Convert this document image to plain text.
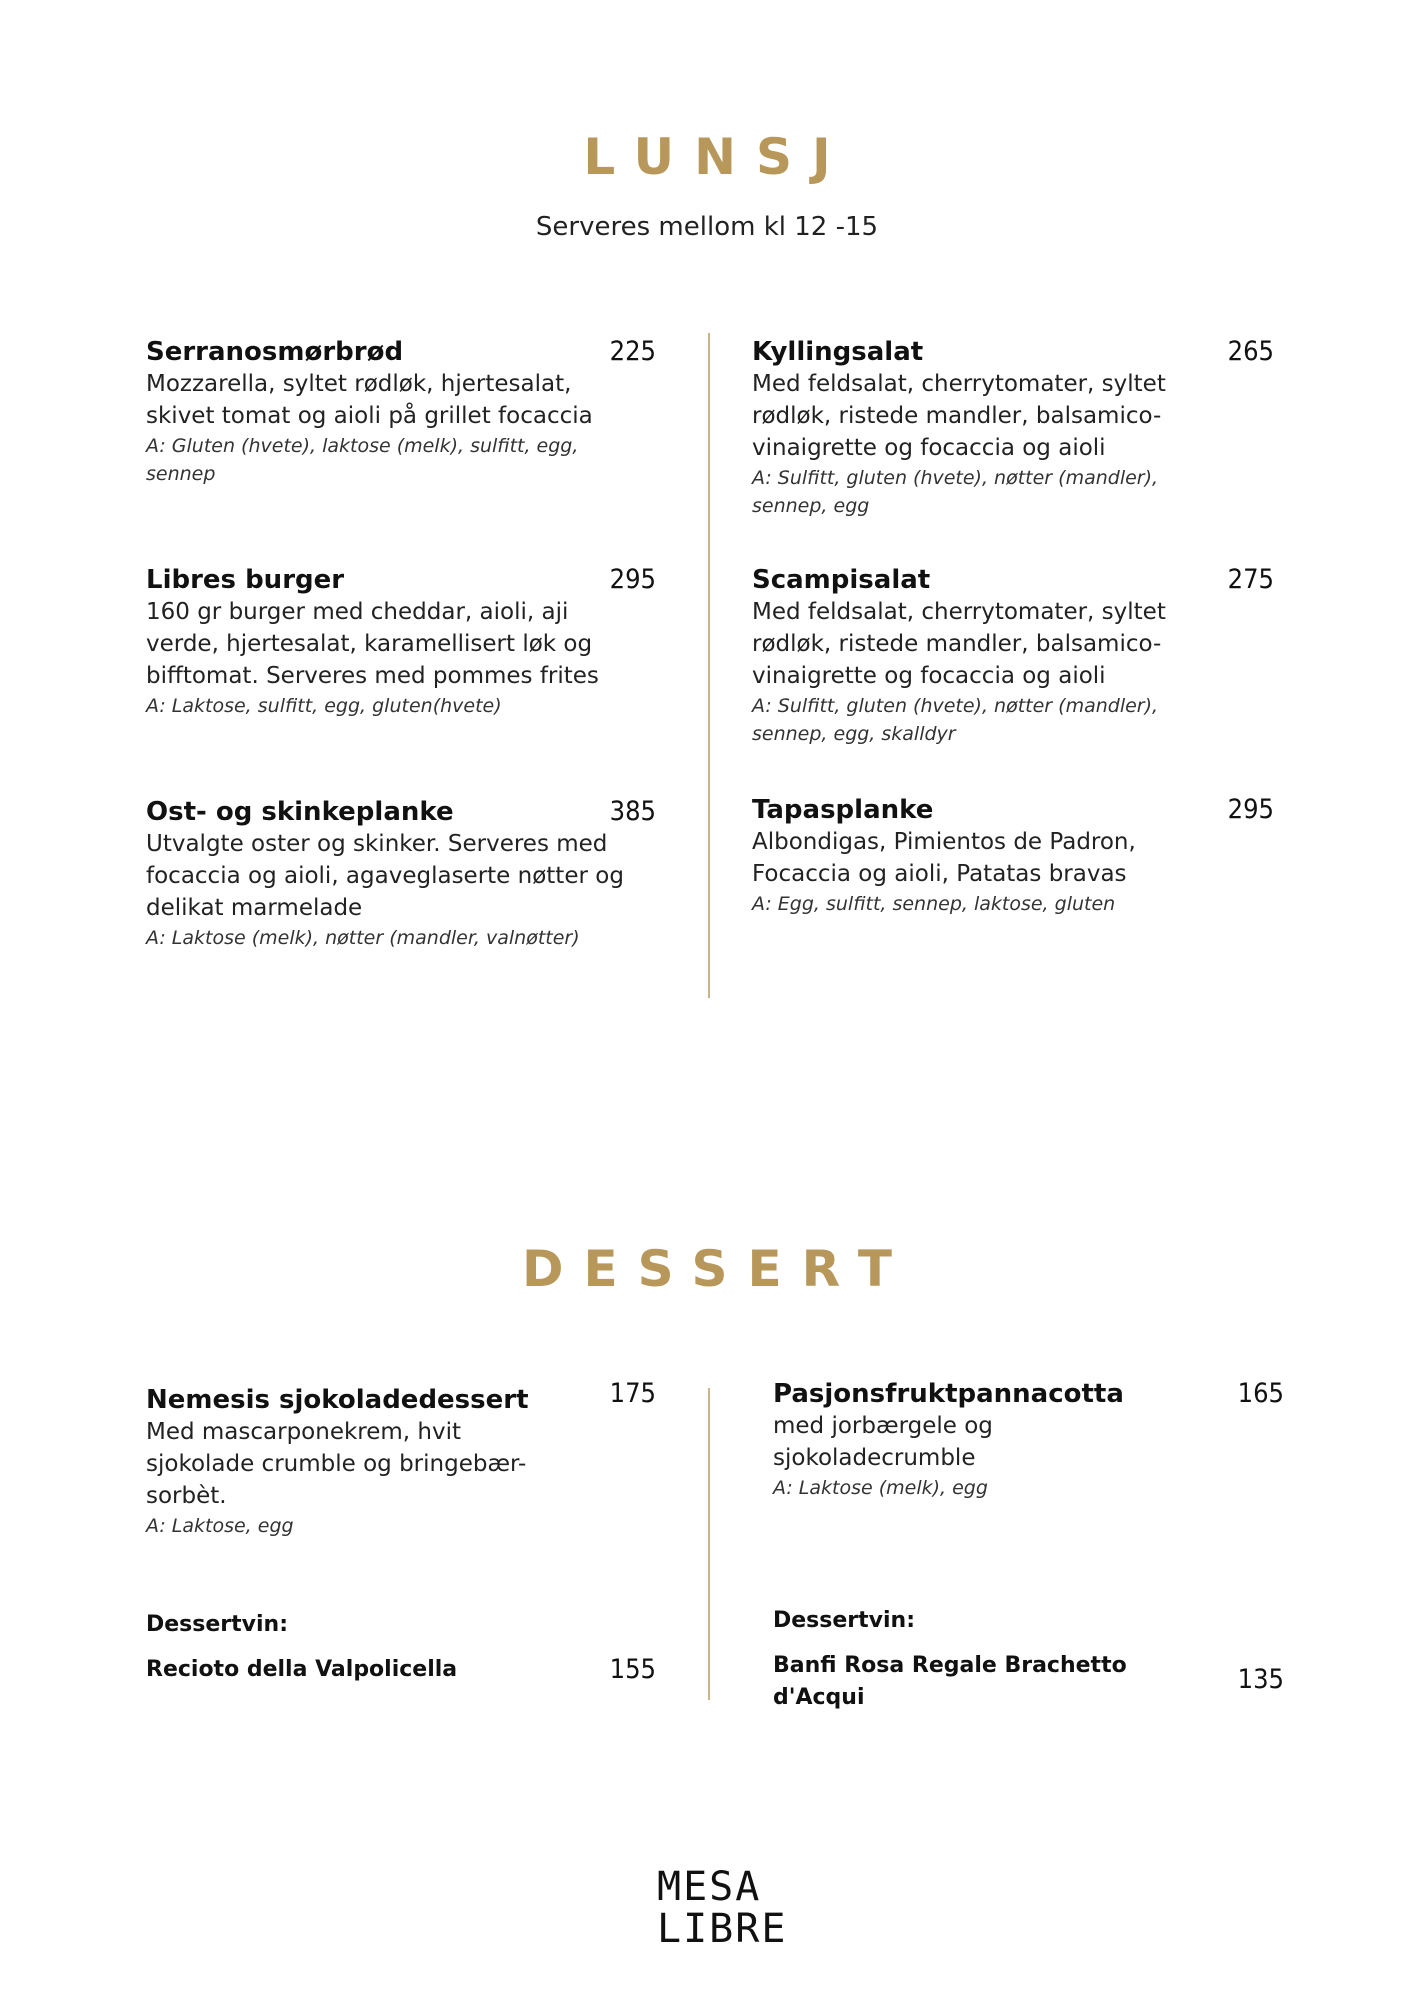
LUNSJ
Serveres mellom kl 12 -15
Serranosmørbrød
Mozzarella, syltet rødløk, hjertesalat, skivet tomat og aioli på grillet focaccia
A: Gluten (hvete), laktose (melk), sulfitt, egg, sennep
225
Libres burger
160 gr burger med cheddar, aioli, aji verde, hjertesalat, karamellisert løk og bifftomat. Serveres med pommes frites
A: Laktose, sulfitt, egg, gluten(hvete)
295
Ost- og skinkeplanke
Utvalgte oster og skinker. Serveres med focaccia og aioli, agaveglaserte nøtter og delikat marmelade
A: Laktose (melk), nøtter (mandler, valnøtter)
385
Kyllingsalat
Med feldsalat, cherrytomater, syltet rødløk, ristede mandler, balsamico-vinaigrette og focaccia og aioli
A: Sulfitt, gluten (hvete), nøtter (mandler), sennep, egg
265
Scampisalat
Med feldsalat, cherrytomater, syltet rødløk, ristede mandler, balsamico-vinaigrette og focaccia og aioli
A: Sulfitt, gluten (hvete), nøtter (mandler), sennep, egg, skalldyr
275
Tapasplanke
Albondigas, Pimientos de Padron, Focaccia og aioli, Patatas bravas
A: Egg, sulfitt, sennep, laktose, gluten
295
DESSERT
Nemesis sjokoladedessert
Med mascarponekrem, hvit sjokolade crumble og bringebær-sorbèt.
A: Laktose, egg
175	Pasjonsfruktpannacotta
med jorbærgele og sjokoladecrumble
A: Laktose (melk), egg
165
Dessertvin:
Recioto della Valpolicella	155
Dessertvin:
Banfi Rosa Regale Brachetto d'Acqui
135
MESA
LIBRE
